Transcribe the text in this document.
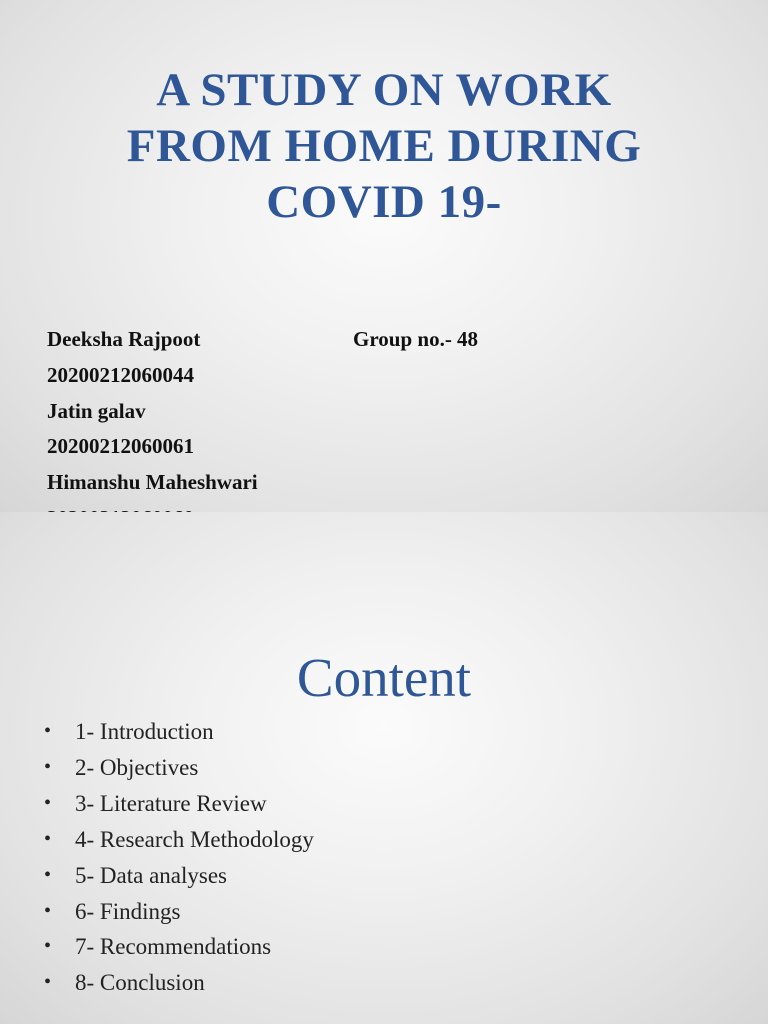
A STUDY ON WORK
FROM HOME DURING
COVID 19-
Deeksha Rajpoot
20200212060044
Jatin galav
20200212060061
Himanshu Maheshwari
Group no.- 48
Content
• 1- Introduction
• 2- Objectives
• 3- Literature Review
• 4- Research Methodology
• 5- Data analyses
• 6- Findings
• 7- Recommendations
• 8- Conclusion
